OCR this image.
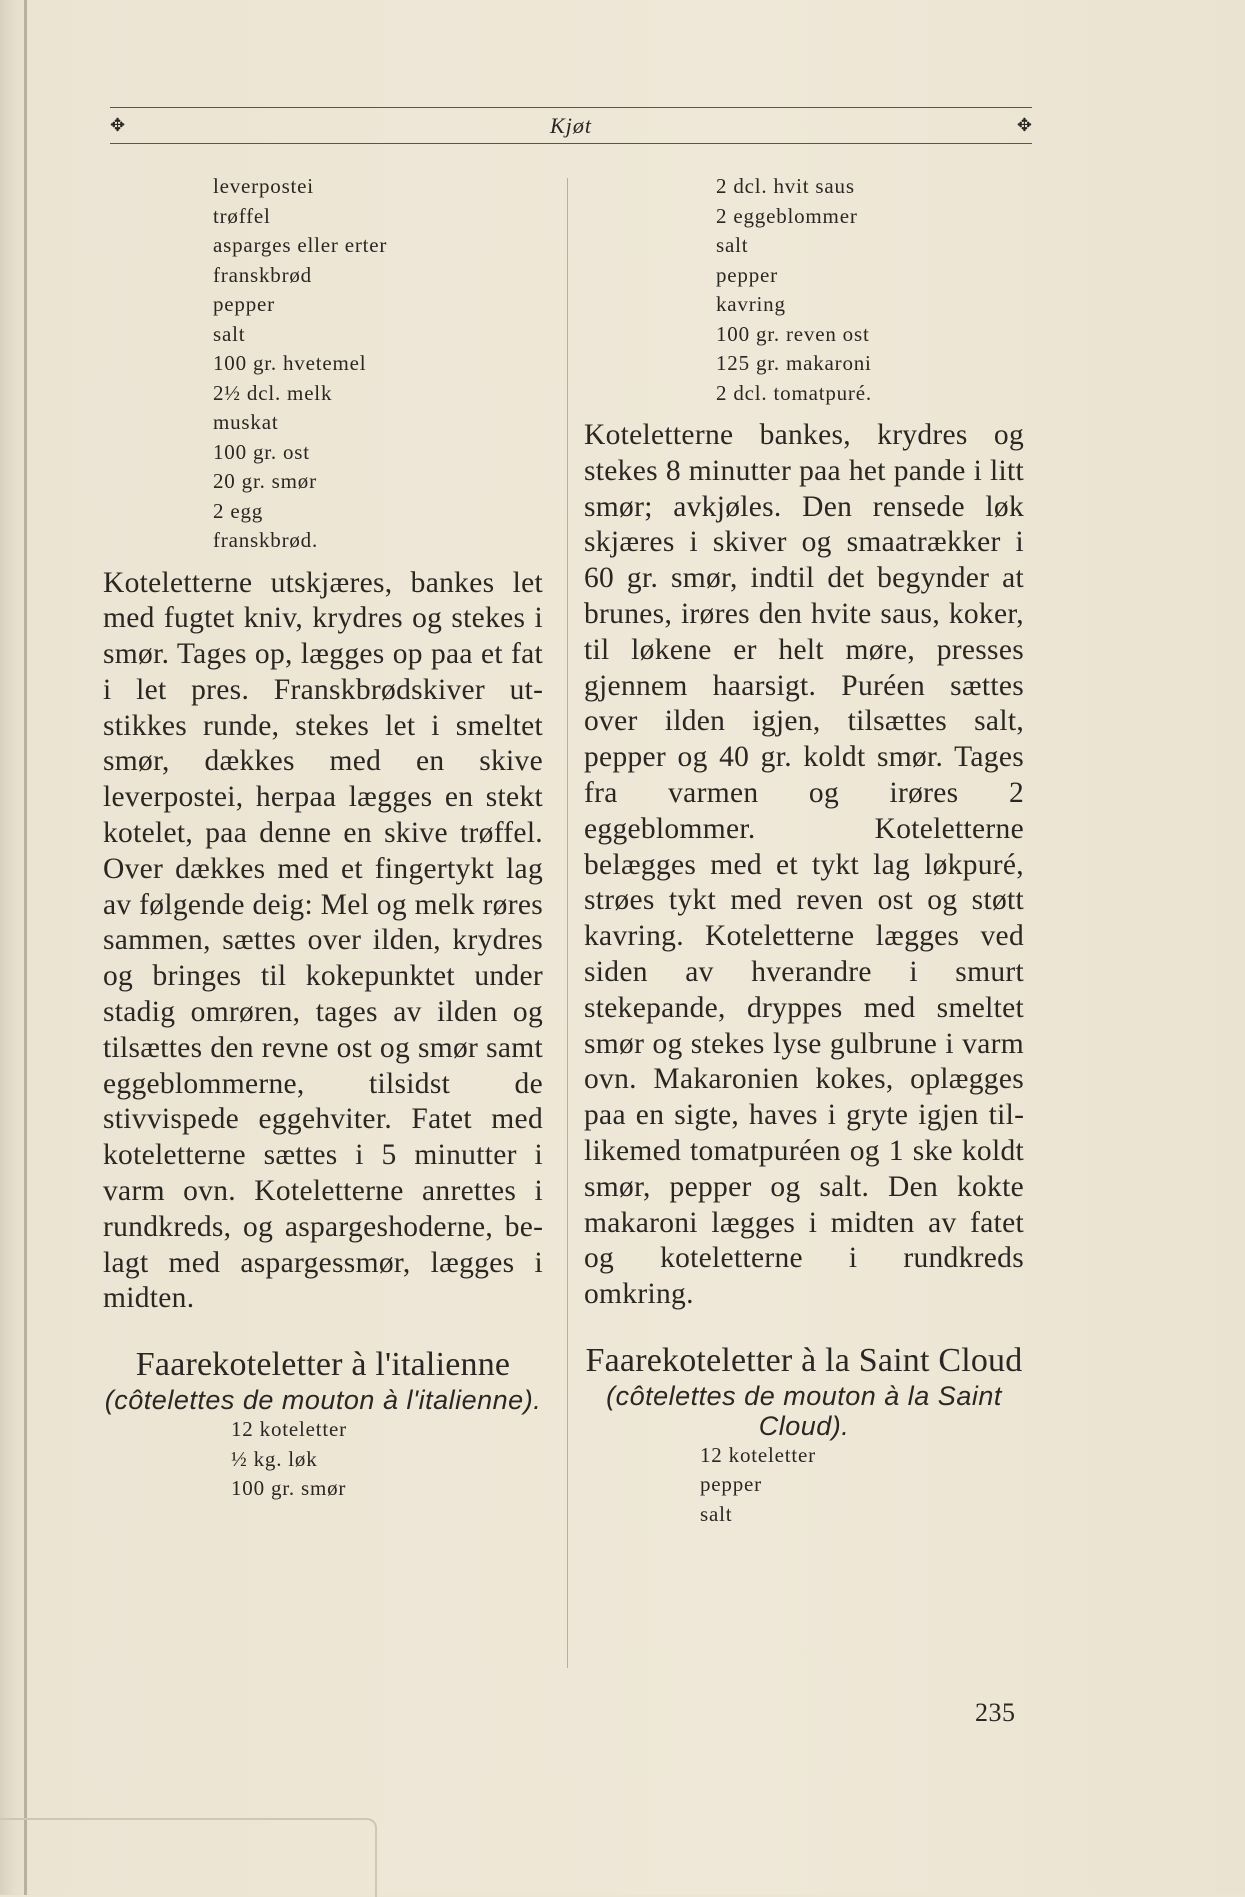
✥	Kjøt	✥
leverpostei
trøffel
asparges eller erter
franskbrød
pepper
salt
100 gr. hvetemel
2½ dcl. melk
muskat
100 gr. ost
20 gr. smør
2 egg
franskbrød.

Koteletterne utskjæres, bankes let med fugtet kniv, krydres og stekes i smør. Tages op, lægges op paa et fat i let pres. Franskbrødskiver utstikkes runde, stekes let i smeltet smør, dækkes med en skive leverpostei, herpaa lægges en stekt kotelet, paa denne en skive trøffel. Over dækkes med et fingertykt lag av følgende deig: Mel og melk røres sammen, sættes over ilden, krydres og bringes til kokepunktet under stadig omrøren, tages av ilden og tilsættes den revne ost og smør samt eggeblommerne, tilsidst de stivvispede eggehviter. Fatet med koteletterne sættes i 5 minutter i varm ovn. Koteletterne anrettes i rundkreds, og aspargeshoderne, belagt med aspargessmør, lægges i midten.

Faarekoteletter à l'italienne

(côtelettes de mouton à l'italienne).

12 koteletter
½ kg. løk
100 gr. smør
2 dcl. hvit saus
2 eggeblommer
salt
pepper
kavring
100 gr. reven ost
125 gr. makaroni
2 dcl. tomatpuré.

Koteletterne bankes, krydres og stekes 8 minutter paa het pande i litt smør; avkjøles. Den rensede løk skjæres i skiver og smaatrækker i 60 gr. smør, indtil det begynder at brunes, irøres den hvite saus, koker, til løkene er helt møre, presses gjennem haarsigt. Puréen sættes over ilden igjen, tilsættes salt, pepper og 40 gr. koldt smør. Tages fra varmen og irøres 2 eggeblommer. Koteletterne belægges med et tykt lag løkpuré, strøes tykt med reven ost og støtt kavring. Koteletterne lægges ved siden av hverandre i smurt stekepande, dryppes med smeltet smør og stekes lyse gulbrune i varm ovn. Makaronien kokes, oplægges paa en sigte, haves i gryte igjen tillikemed tomatpuréen og 1 ske koldt smør, pepper og salt. Den kokte makaroni lægges i midten av fatet og koteletterne i rundkreds omkring.

Faarekoteletter à la Saint Cloud

(côtelettes de mouton à la Saint Cloud).

12 koteletter
pepper
salt
235
